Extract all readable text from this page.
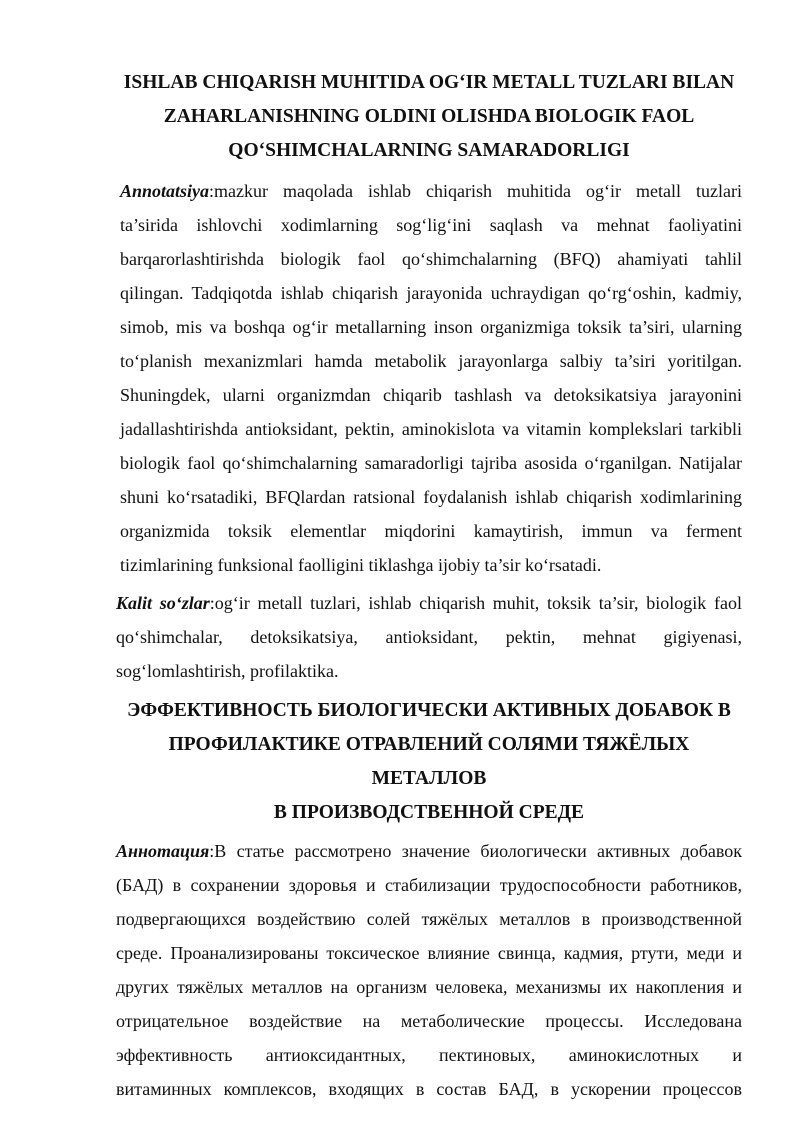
ISHLAB CHIQARISH MUHITIDA OG‘IR METALL TUZLARI BILAN
ZAHARLANISHNING OLDINI OLISHDA BIOLOGIK FAOL
QO‘SHIMCHALARNING SAMARADORLIGI
Annotatsiya:mazkur maqolada ishlab chiqarish muhitida og‘ir metall tuzlari
ta’sirida ishlovchi xodimlarning sog‘lig‘ini saqlash va mehnat faoliyatini
barqarorlashtirishda biologik faol qo‘shimchalarning (BFQ) ahamiyati tahlil
qilingan. Tadqiqotda ishlab chiqarish jarayonida uchraydigan qo‘rg‘oshin, kadmiy,
simob, mis va boshqa og‘ir metallarning inson organizmiga toksik ta’siri, ularning
to‘planish mexanizmlari hamda metabolik jarayonlarga salbiy ta’siri yoritilgan.
Shuningdek, ularni organizmdan chiqarib tashlash va detoksikatsiya jarayonini
jadallashtirishda antioksidant, pektin, aminokislota va vitamin komplekslari tarkibli
biologik faol qo‘shimchalarning samaradorligi tajriba asosida o‘rganilgan. Natijalar
shuni ko‘rsatadiki, BFQlardan ratsional foydalanish ishlab chiqarish xodimlarining
organizmida toksik elementlar miqdorini kamaytirish, immun va ferment
tizimlarining funksional faolligini tiklashga ijobiy ta’sir ko‘rsatadi.
Kalit so‘zlar:og‘ir metall tuzlari, ishlab chiqarish muhit, toksik ta’sir, biologik faol
qo‘shimchalar, detoksikatsiya, antioksidant, pektin, mehnat gigiyenasi,
sog‘lomlashtirish, profilaktika.
ЭФФЕКТИВНОСТЬ БИОЛОГИЧЕСКИ АКТИВНЫХ ДОБАВОК В
ПРОФИЛАКТИКЕ ОТРАВЛЕНИЙ СОЛЯМИ ТЯЖЁЛЫХ МЕТАЛЛОВ
В ПРОИЗВОДСТВЕННОЙ СРЕДЕ
Аннотация:В статье рассмотрено значение биологически активных добавок
(БАД) в сохранении здоровья и стабилизации трудоспособности работников,
подвергающихся воздействию солей тяжёлых металлов в производственной
среде. Проанализированы токсическое влияние свинца, кадмия, ртути, меди и
других тяжёлых металлов на организм человека, механизмы их накопления и
отрицательное воздействие на метаболические процессы. Исследована
эффективность антиоксидантных, пектиновых, аминокислотных и
витаминных комплексов, входящих в состав БАД, в ускорении процессов
